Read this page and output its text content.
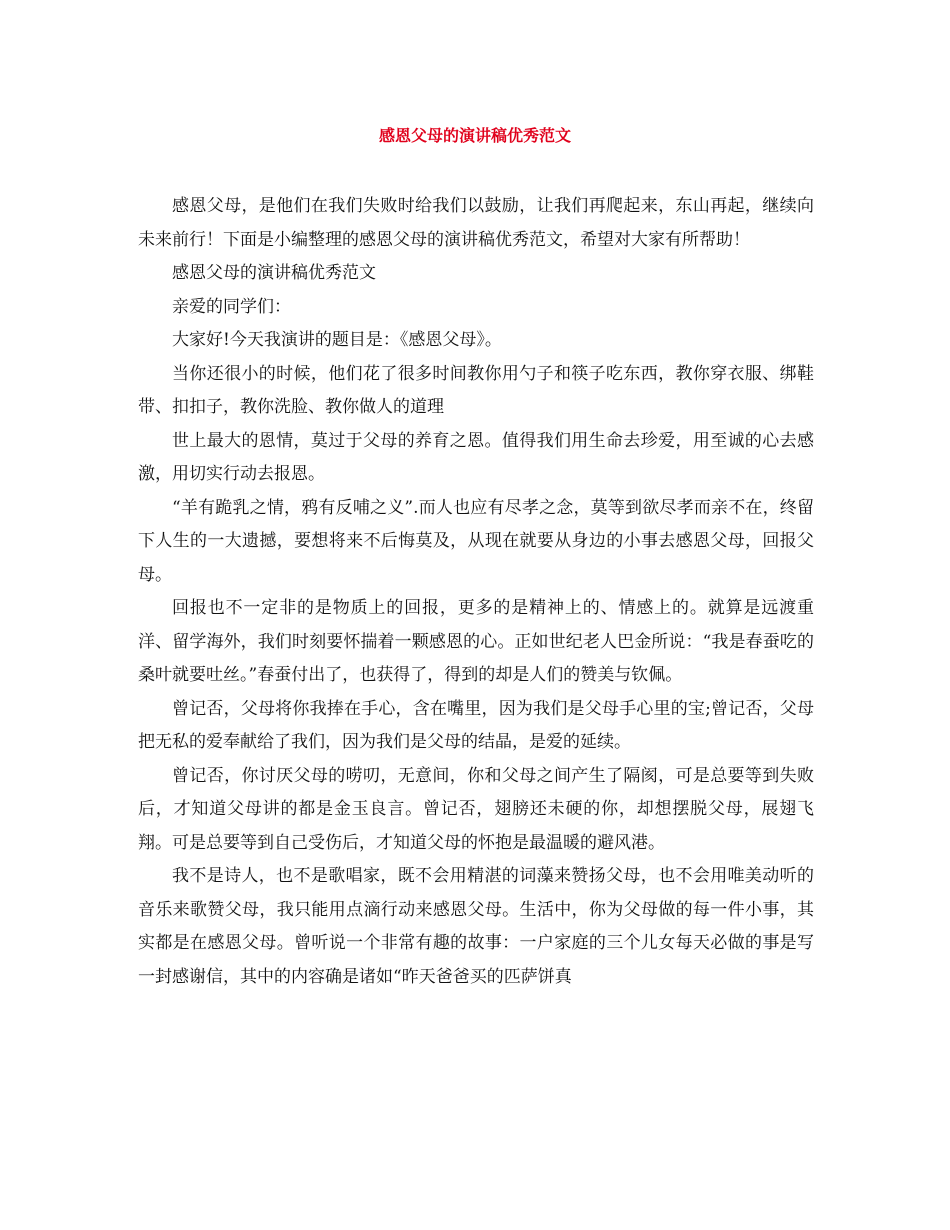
感恩父母的演讲稿优秀范文

感恩父母，是他们在我们失败时给我们以鼓励，让我们再爬起来，东山再起，继续向未来前行！下面是小编整理的感恩父母的演讲稿优秀范文，希望对大家有所帮助！

感恩父母的演讲稿优秀范文

亲爱的同学们：

大家好!今天我演讲的题目是：《感恩父母》。

当你还很小的时候，他们花了很多时间教你用勺子和筷子吃东西，教你穿衣服、绑鞋带、扣扣子，教你洗脸、教你做人的道理

世上最大的恩情，莫过于父母的养育之恩。值得我们用生命去珍爱，用至诚的心去感激，用切实行动去报恩。

“羊有跪乳之情，鸦有反哺之义”.而人也应有尽孝之念，莫等到欲尽孝而亲不在，终留下人生的一大遗撼，要想将来不后悔莫及，从现在就要从身边的小事去感恩父母，回报父母。

回报也不一定非的是物质上的回报，更多的是精神上的、情感上的。就算是远渡重洋、留学海外，我们时刻要怀揣着一颗感恩的心。正如世纪老人巴金所说：“我是春蚕吃的桑叶就要吐丝。”春蚕付出了，也获得了，得到的却是人们的赞美与钦佩。

曾记否，父母将你我捧在手心，含在嘴里，因为我们是父母手心里的宝;曾记否，父母把无私的爱奉献给了我们，因为我们是父母的结晶，是爱的延续。

曾记否，你讨厌父母的唠叨，无意间，你和父母之间产生了隔阂，可是总要等到失败后，才知道父母讲的都是金玉良言。曾记否，翅膀还未硬的你，却想摆脱父母，展翅飞翔。可是总要等到自己受伤后，才知道父母的怀抱是最温暖的避风港。

我不是诗人，也不是歌唱家，既不会用精湛的词藻来赞扬父母，也不会用唯美动听的音乐来歌赞父母，我只能用点滴行动来感恩父母。生活中，你为父母做的每一件小事，其实都是在感恩父母。曾听说一个非常有趣的故事：一户家庭的三个儿女每天必做的事是写一封感谢信，其中的内容确是诸如“昨天爸爸买的匹萨饼真
